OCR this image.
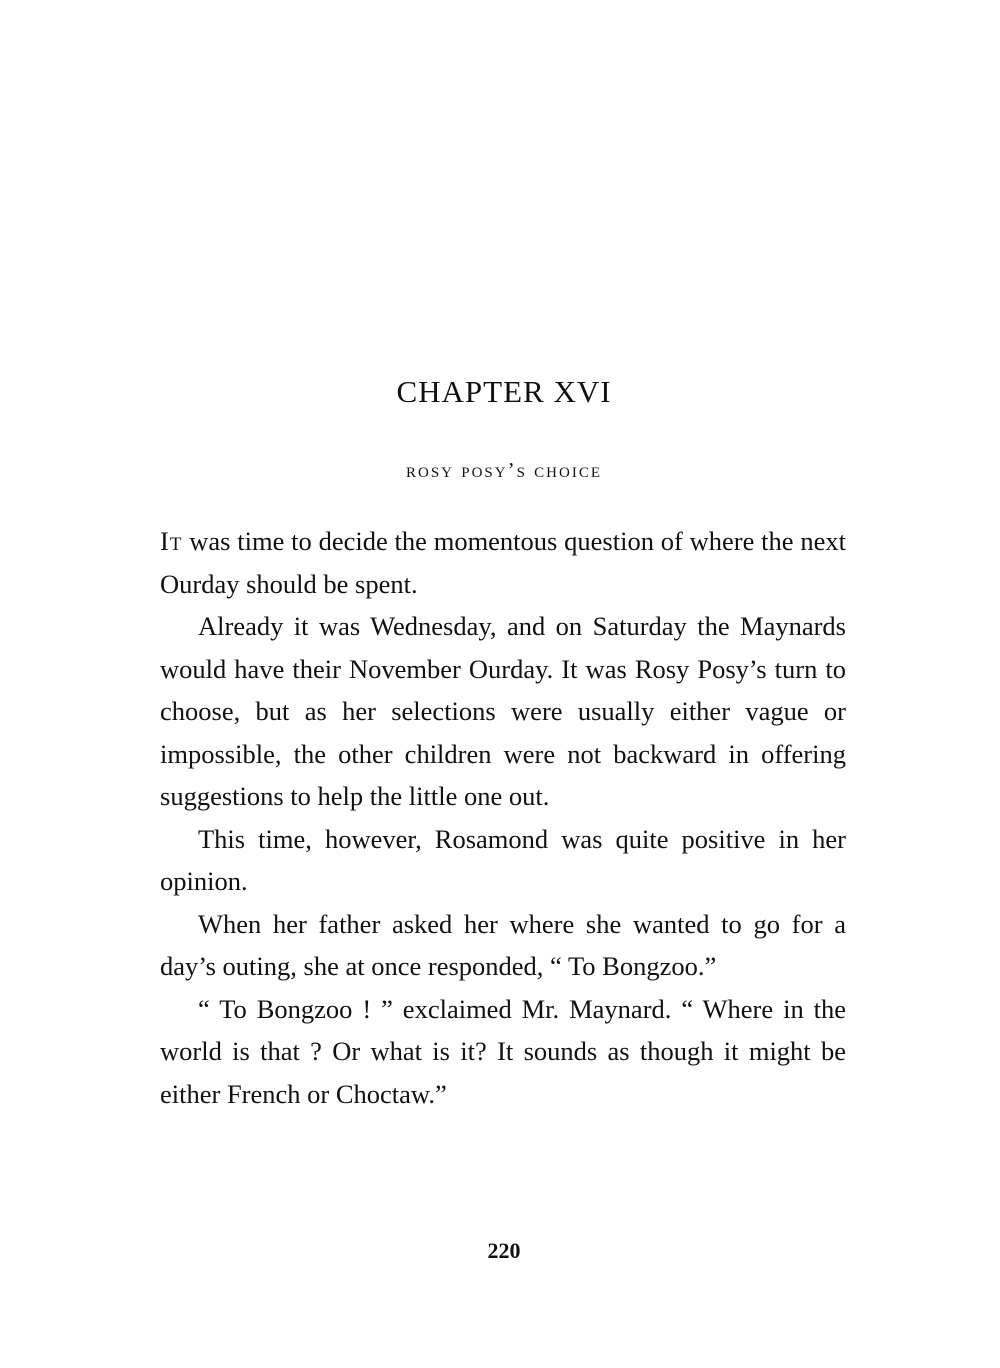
CHAPTER XVI
rosy posy’s choice

It was time to decide the momentous question of where the next Ourday should be spent.

Already it was Wednesday, and on Saturday the Maynards would have their November Ourday. It was Rosy Posy’s turn to choose, but as her selections were usually either vague or impossible, the other children were not backward in offering suggestions to help the little one out.

This time, however, Rosamond was quite positive in her opinion.

When her father asked her where she wanted to go for a day’s outing, she at once responded, “ To Bongzoo.”

“ To Bongzoo ! ” exclaimed Mr. Maynard. “ Where in the world is that ? Or what is it? It sounds as though it might be either French or Choctaw.”

220
